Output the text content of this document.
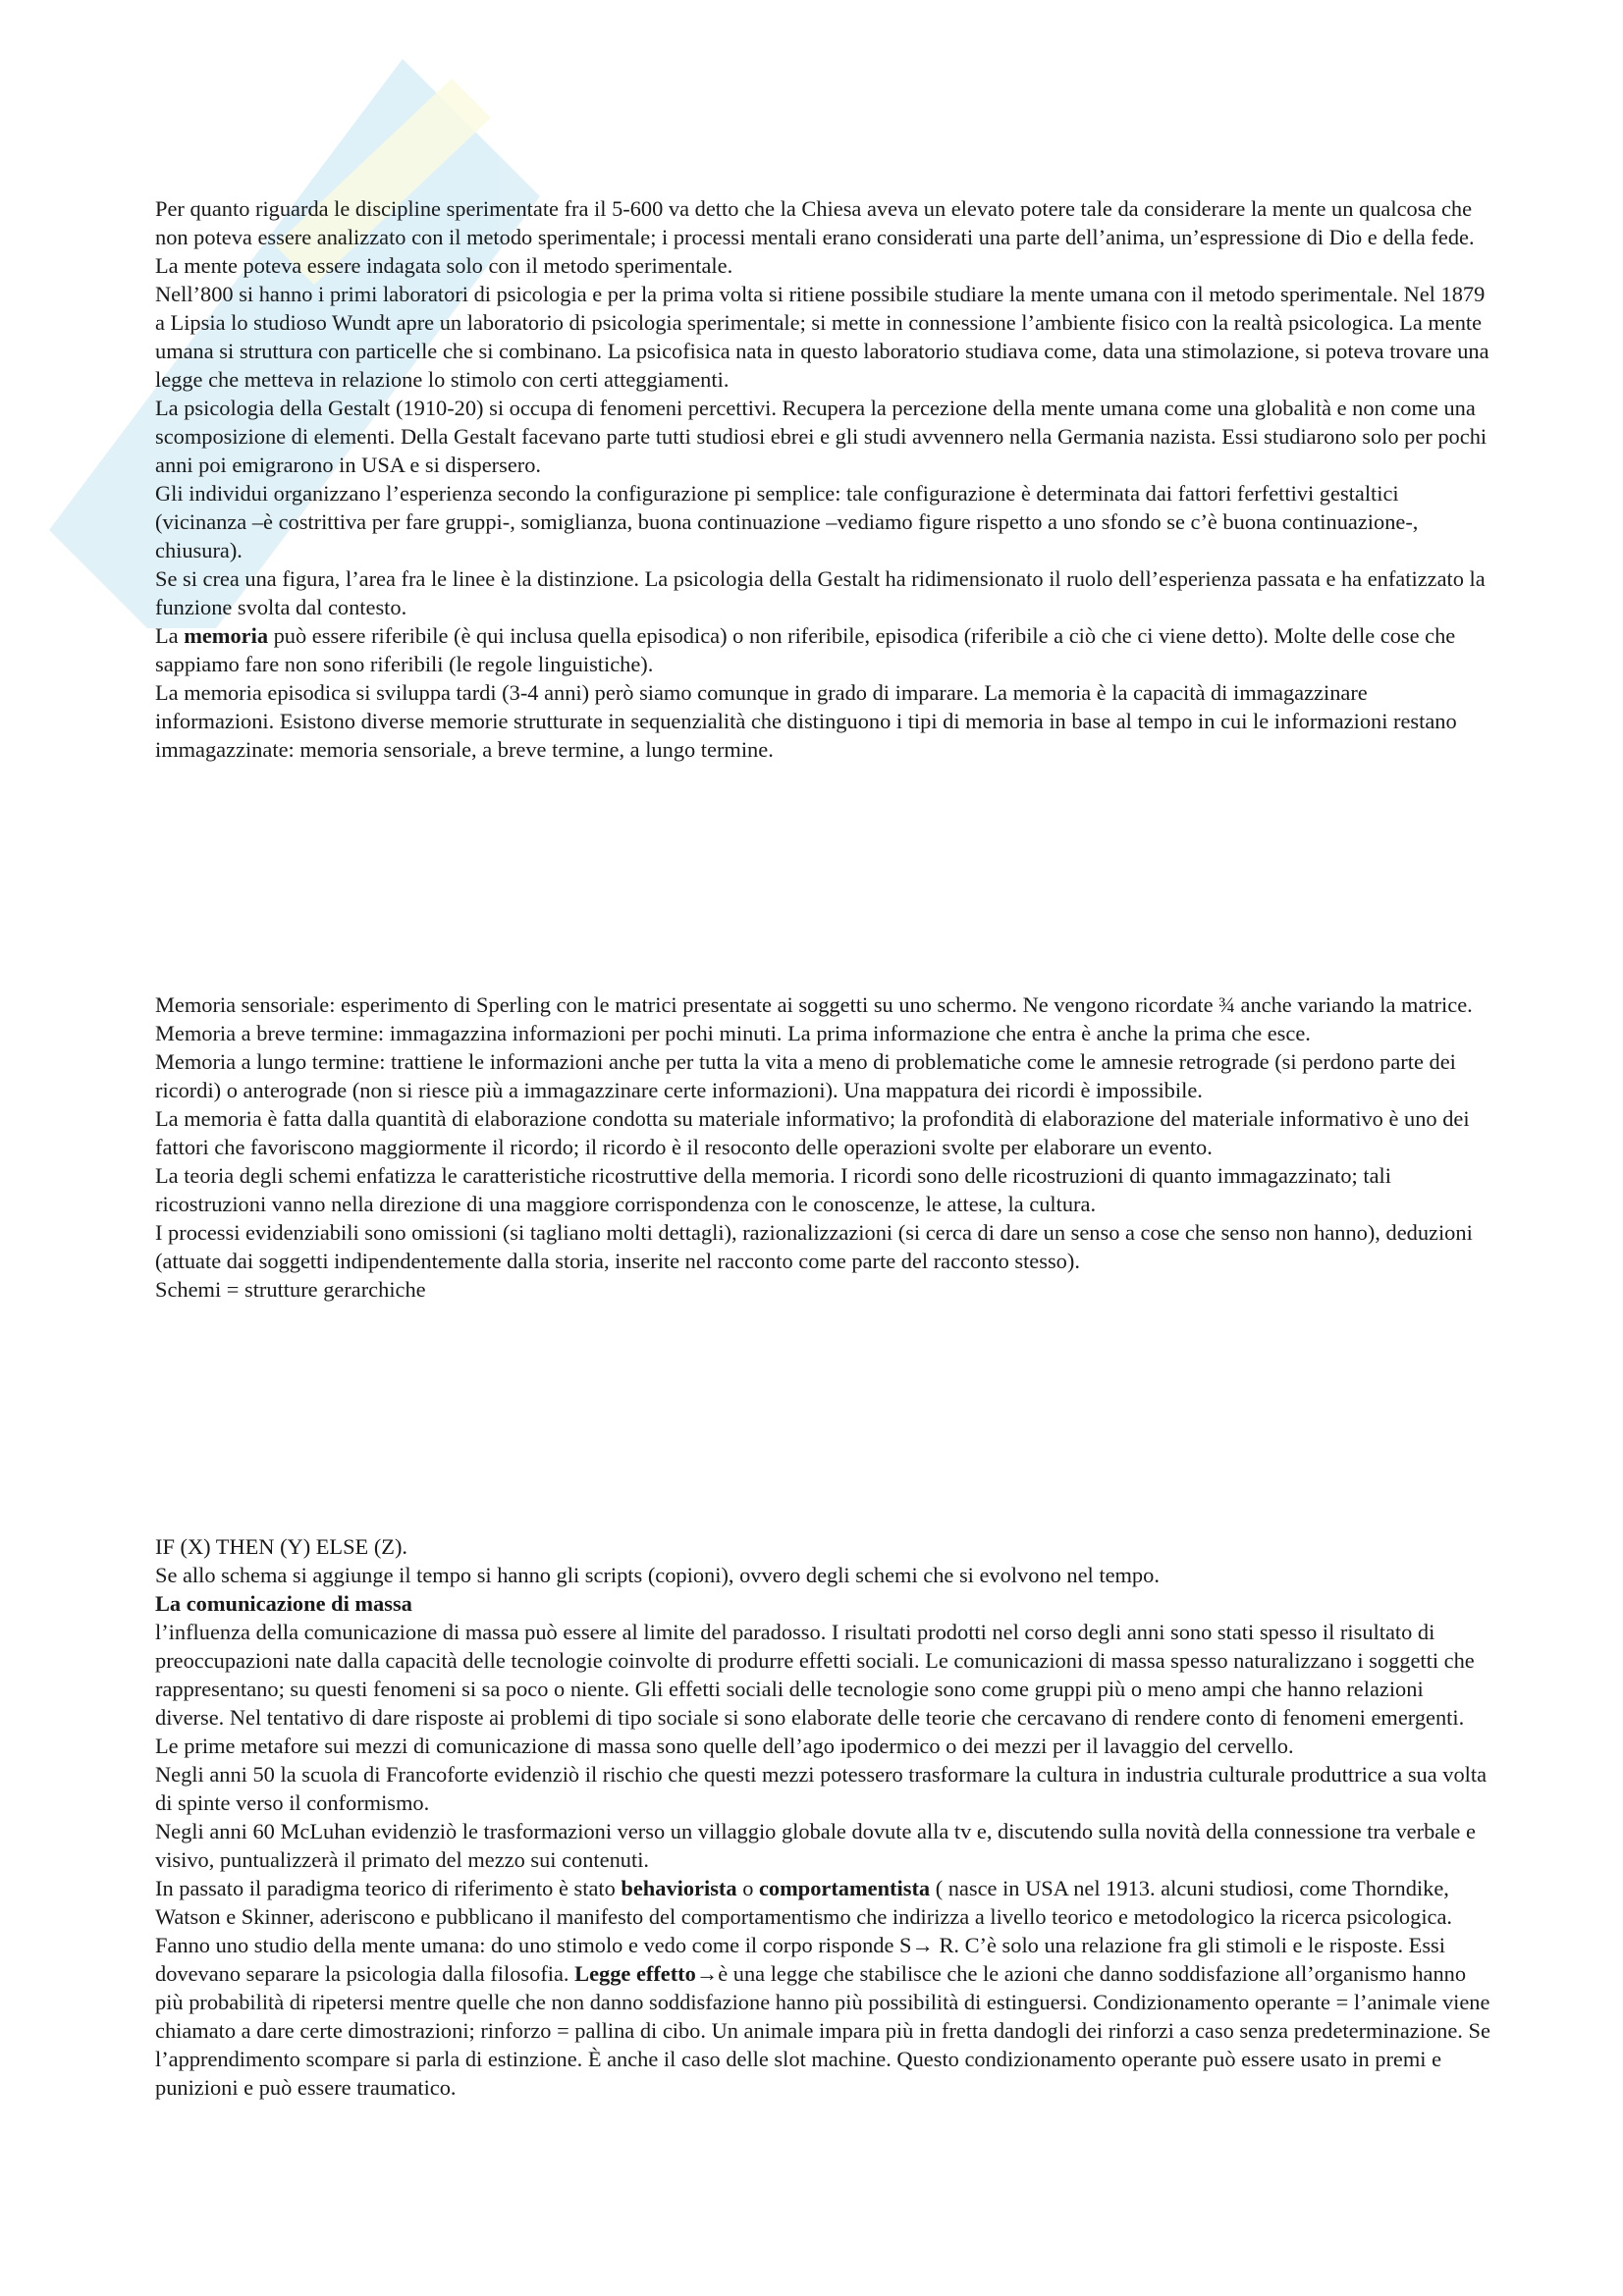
Per quanto riguarda le discipline sperimentate fra il 5-600 va detto che la Chiesa aveva un elevato potere tale da considerare la mente un qualcosa che non poteva essere analizzato con il metodo sperimentale; i processi mentali erano considerati una parte dell’anima, un’espressione di Dio e della fede. La mente poteva essere indagata solo con il metodo sperimentale.

Nell’800 si hanno i primi laboratori di psicologia e per la prima volta si ritiene possibile studiare la mente umana con il metodo sperimentale. Nel 1879 a Lipsia lo studioso Wundt apre un laboratorio di psicologia sperimentale; si mette in connessione l’ambiente fisico con la realtà psicologica. La mente umana si struttura con particelle che si combinano. La psicofisica nata in questo laboratorio studiava come, data una stimolazione, si poteva trovare una legge che metteva in relazione lo stimolo con certi atteggiamenti.

La psicologia della Gestalt (1910-20) si occupa di fenomeni percettivi. Recupera la percezione della mente umana come una globalità e non come una scomposizione di elementi. Della Gestalt facevano parte tutti studiosi ebrei e gli studi avvennero nella Germania nazista. Essi studiarono solo per pochi anni poi emigrarono in USA e si dispersero.

Gli individui organizzano l’esperienza secondo la configurazione pi semplice: tale configurazione è determinata dai fattori ferfettivi gestaltici (vicinanza –è costrittiva per fare gruppi-, somiglianza, buona continuazione –vediamo figure rispetto a uno sfondo se c’è buona continuazione-, chiusura).

Se si crea una figura, l’area fra le linee è la distinzione. La psicologia della Gestalt ha ridimensionato il ruolo dell’esperienza passata e ha enfatizzato la funzione svolta dal contesto.

La memoria può essere riferibile (è qui inclusa quella episodica) o non riferibile, episodica (riferibile a ciò che ci viene detto). Molte delle cose che sappiamo fare non sono riferibili (le regole linguistiche).

La memoria episodica si sviluppa tardi (3-4 anni) però siamo comunque in grado di imparare. La memoria è la capacità di immagazzinare informazioni. Esistono diverse memorie strutturate in sequenzialità che distinguono i tipi di memoria in base al tempo in cui le informazioni restano immagazzinate: memoria sensoriale, a breve termine, a lungo termine.

Memoria sensoriale: esperimento di Sperling con le matrici presentate ai soggetti su uno schermo. Ne vengono ricordate ¾ anche variando la matrice.

Memoria a breve termine: immagazzina informazioni per pochi minuti. La prima informazione che entra è anche la prima che esce.

Memoria a lungo termine: trattiene le informazioni anche per tutta la vita a meno di problematiche come le amnesie retrograde (si perdono parte dei ricordi) o anterograde (non si riesce più a immagazzinare certe informazioni). Una mappatura dei ricordi è impossibile.

La memoria è fatta dalla quantità di elaborazione condotta su materiale informativo; la profondità di elaborazione del materiale informativo è uno dei fattori che favoriscono maggiormente il ricordo; il ricordo è il resoconto delle operazioni svolte per elaborare un evento.

La teoria degli schemi enfatizza le caratteristiche ricostruttive della memoria. I ricordi sono delle ricostruzioni di quanto immagazzinato; tali ricostruzioni vanno nella direzione di una maggiore corrispondenza con le conoscenze, le attese, la cultura.

I processi evidenziabili sono omissioni (si tagliano molti dettagli), razionalizzazioni (si cerca di dare un senso a cose che senso non hanno), deduzioni (attuate dai soggetti indipendentemente dalla storia, inserite nel racconto come parte del racconto stesso).

Schemi = strutture gerarchiche

IF (X) THEN (Y) ELSE (Z).

Se allo schema si aggiunge il tempo si hanno gli scripts (copioni), ovvero degli schemi che si evolvono nel tempo.

La comunicazione di massa

l’influenza della comunicazione di massa può essere al limite del paradosso. I risultati prodotti nel corso degli anni sono stati spesso il risultato di preoccupazioni nate dalla capacità delle tecnologie coinvolte di produrre effetti sociali. Le comunicazioni di massa spesso naturalizzano i soggetti che rappresentano; su questi fenomeni si sa poco o niente. Gli effetti sociali delle tecnologie sono come gruppi più o meno ampi che hanno relazioni diverse. Nel tentativo di dare risposte ai problemi di tipo sociale si sono elaborate delle teorie che cercavano di rendere conto di fenomeni emergenti. Le prime metafore sui mezzi di comunicazione di massa sono quelle dell’ago ipodermico o dei mezzi per il lavaggio del cervello.

Negli anni 50 la scuola di Francoforte evidenziò il rischio che questi mezzi potessero trasformare la cultura in industria culturale produttrice a sua volta di spinte verso il conformismo.

Negli anni 60 McLuhan evidenziò le trasformazioni verso un villaggio globale dovute alla tv e, discutendo sulla novità della connessione tra verbale e visivo, puntualizzerà il primato del mezzo sui contenuti.

In passato il paradigma teorico di riferimento è stato behaviorista o comportamentista ( nasce in USA nel 1913. alcuni studiosi, come Thorndike, Watson e Skinner, aderiscono e pubblicano il manifesto del comportamentismo che indirizza a livello teorico e metodologico la ricerca psicologica. Fanno uno studio della mente umana: do uno stimolo e vedo come il corpo risponde S→ R. C’è solo una relazione fra gli stimoli e le risposte. Essi dovevano separare la psicologia dalla filosofia. Legge effetto→è una legge che stabilisce che le azioni che danno soddisfazione all’organismo hanno più probabilità di ripetersi mentre quelle che non danno soddisfazione hanno più possibilità di estinguersi. Condizionamento operante = l’animale viene chiamato a dare certe dimostrazioni; rinforzo = pallina di cibo. Un animale impara più in fretta dandogli dei rinforzi a caso senza predeterminazione. Se l’apprendimento scompare si parla di estinzione. È anche il caso delle slot machine. Questo condizionamento operante può essere usato in premi e punizioni e può essere traumatico.
